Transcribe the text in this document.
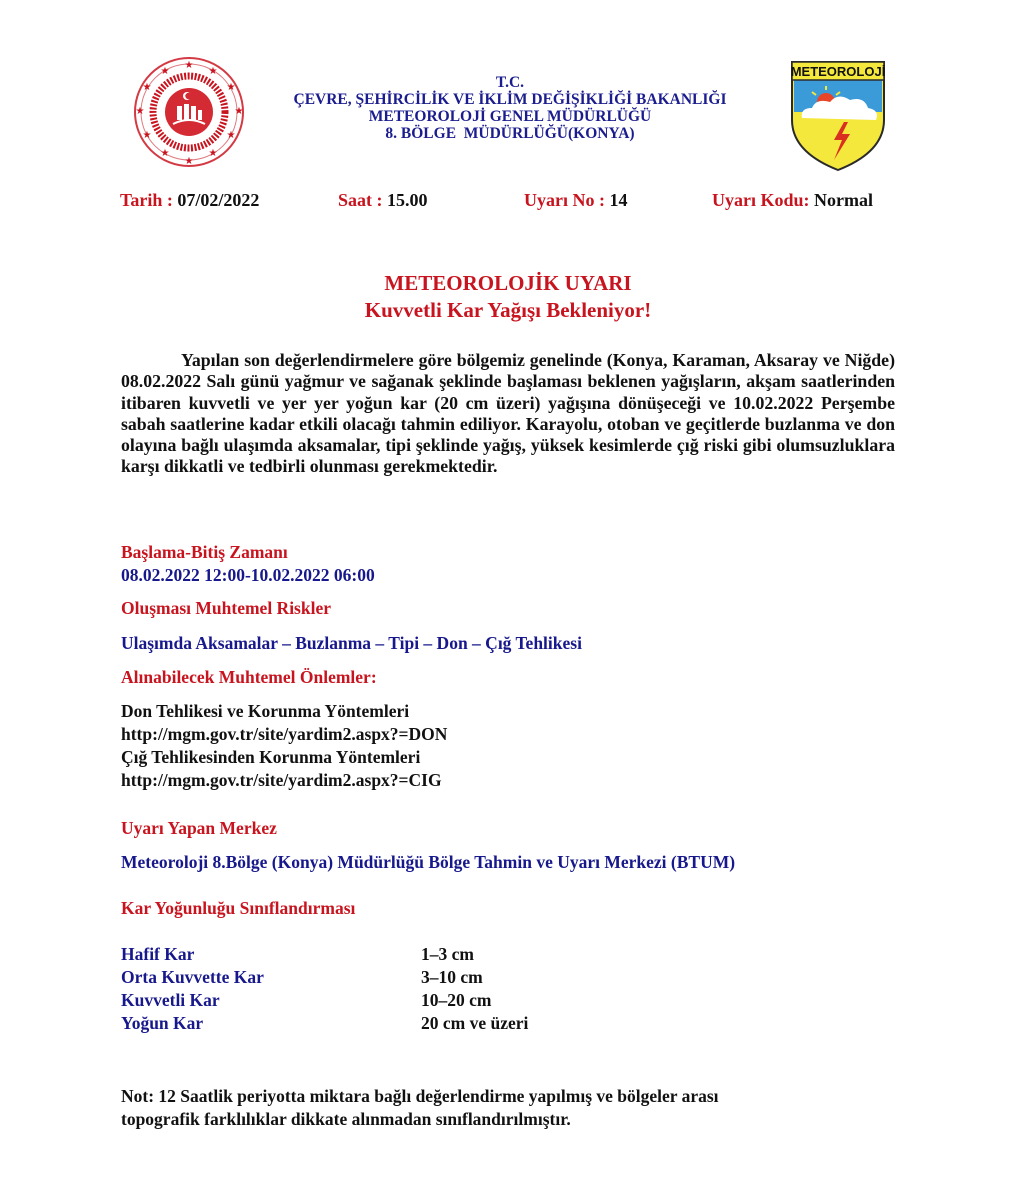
★
★
★
★
★
★
★
★
★
★
★
★
T.C.
ÇEVRE, ŞEHİRCİLİK VE İKLİM DEĞİŞİKLİĞİ BAKANLIĞI
METEOROLOJİ GENEL MÜDÜRLÜĞÜ
8. BÖLGE  MÜDÜRLÜĞÜ(KONYA)
METEOROLOJİ
Tarih : 07/02/2022	Saat : 15.00	Uyarı No : 14	Uyarı Kodu: Normal
METEOROLOJİK UYARI
Kuvvetli Kar Yağışı Bekleniyor!

Yapılan son değerlendirmelere göre bölgemiz genelinde (Konya, Karaman, Aksaray ve Niğde) 08.02.2022 Salı günü yağmur ve sağanak şeklinde başlaması beklenen yağışların, akşam saatlerinden itibaren kuvvetli ve yer yer yoğun kar (20 cm üzeri) yağışına dönüşeceği ve 10.02.2022 Perşembe sabah saatlerine kadar etkili olacağı tahmin ediliyor. Karayolu, otoban ve geçitlerde buzlanma ve don olayına bağlı ulaşımda aksamalar, tipi şeklinde yağış, yüksek kesimlerde çığ riski gibi olumsuzluklara karşı dikkatli ve tedbirli olunması gerekmektedir.

Başlama-Bitiş Zamanı
08.02.2022 12:00-10.02.2022 06:00
Oluşması Muhtemel Riskler
Ulaşımda Aksamalar – Buzlanma – Tipi – Don – Çığ Tehlikesi
Alınabilecek Muhtemel Önlemler:
Don Tehlikesi ve Korunma Yöntemleri
http://mgm.gov.tr/site/yardim2.aspx?=DON
Çığ Tehlikesinden Korunma Yöntemleri
http://mgm.gov.tr/site/yardim2.aspx?=CIG
Uyarı Yapan Merkez
Meteoroloji 8.Bölge (Konya) Müdürlüğü Bölge Tahmin ve Uyarı Merkezi (BTUM)
Kar Yoğunluğu Sınıflandırması
Hafif Kar	1–3 cm
Orta Kuvvette Kar	3–10 cm
Kuvvetli Kar	10–20 cm
Yoğun Kar	20 cm ve üzeri
Not: 12 Saatlik periyotta miktara bağlı değerlendirme yapılmış ve bölgeler arası
topografik farklılıklar dikkate alınmadan sınıflandırılmıştır.
